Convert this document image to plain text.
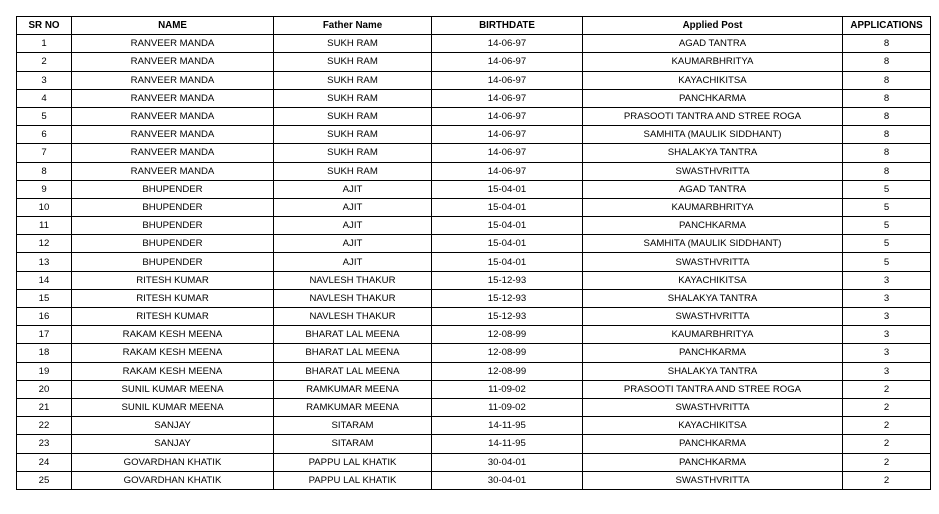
SR NO	NAME	Father Name	BIRTHDATE	Applied Post	APPLICATIONS
1	RANVEER MANDA	SUKH RAM	14-06-97	AGAD TANTRA	8
2	RANVEER MANDA	SUKH RAM	14-06-97	KAUMARBHRITYA	8
3	RANVEER MANDA	SUKH RAM	14-06-97	KAYACHIKITSA	8
4	RANVEER MANDA	SUKH RAM	14-06-97	PANCHKARMA	8
5	RANVEER MANDA	SUKH RAM	14-06-97	PRASOOTI TANTRA AND STREE ROGA	8
6	RANVEER MANDA	SUKH RAM	14-06-97	SAMHITA (MAULIK SIDDHANT)	8
7	RANVEER MANDA	SUKH RAM	14-06-97	SHALAKYA TANTRA	8
8	RANVEER MANDA	SUKH RAM	14-06-97	SWASTHVRITTA	8
9	BHUPENDER	AJIT	15-04-01	AGAD TANTRA	5
10	BHUPENDER	AJIT	15-04-01	KAUMARBHRITYA	5
11	BHUPENDER	AJIT	15-04-01	PANCHKARMA	5
12	BHUPENDER	AJIT	15-04-01	SAMHITA (MAULIK SIDDHANT)	5
13	BHUPENDER	AJIT	15-04-01	SWASTHVRITTA	5
14	RITESH KUMAR	NAVLESH THAKUR	15-12-93	KAYACHIKITSA	3
15	RITESH KUMAR	NAVLESH THAKUR	15-12-93	SHALAKYA TANTRA	3
16	RITESH KUMAR	NAVLESH THAKUR	15-12-93	SWASTHVRITTA	3
17	RAKAM KESH MEENA	BHARAT LAL MEENA	12-08-99	KAUMARBHRITYA	3
18	RAKAM KESH MEENA	BHARAT LAL MEENA	12-08-99	PANCHKARMA	3
19	RAKAM KESH MEENA	BHARAT LAL MEENA	12-08-99	SHALAKYA TANTRA	3
20	SUNIL KUMAR MEENA	RAMKUMAR MEENA	11-09-02	PRASOOTI TANTRA AND STREE ROGA	2
21	SUNIL KUMAR MEENA	RAMKUMAR MEENA	11-09-02	SWASTHVRITTA	2
22	SANJAY	SITARAM	14-11-95	KAYACHIKITSA	2
23	SANJAY	SITARAM	14-11-95	PANCHKARMA	2
24	GOVARDHAN KHATIK	PAPPU LAL KHATIK	30-04-01	PANCHKARMA	2
25	GOVARDHAN KHATIK	PAPPU LAL KHATIK	30-04-01	SWASTHVRITTA	2
